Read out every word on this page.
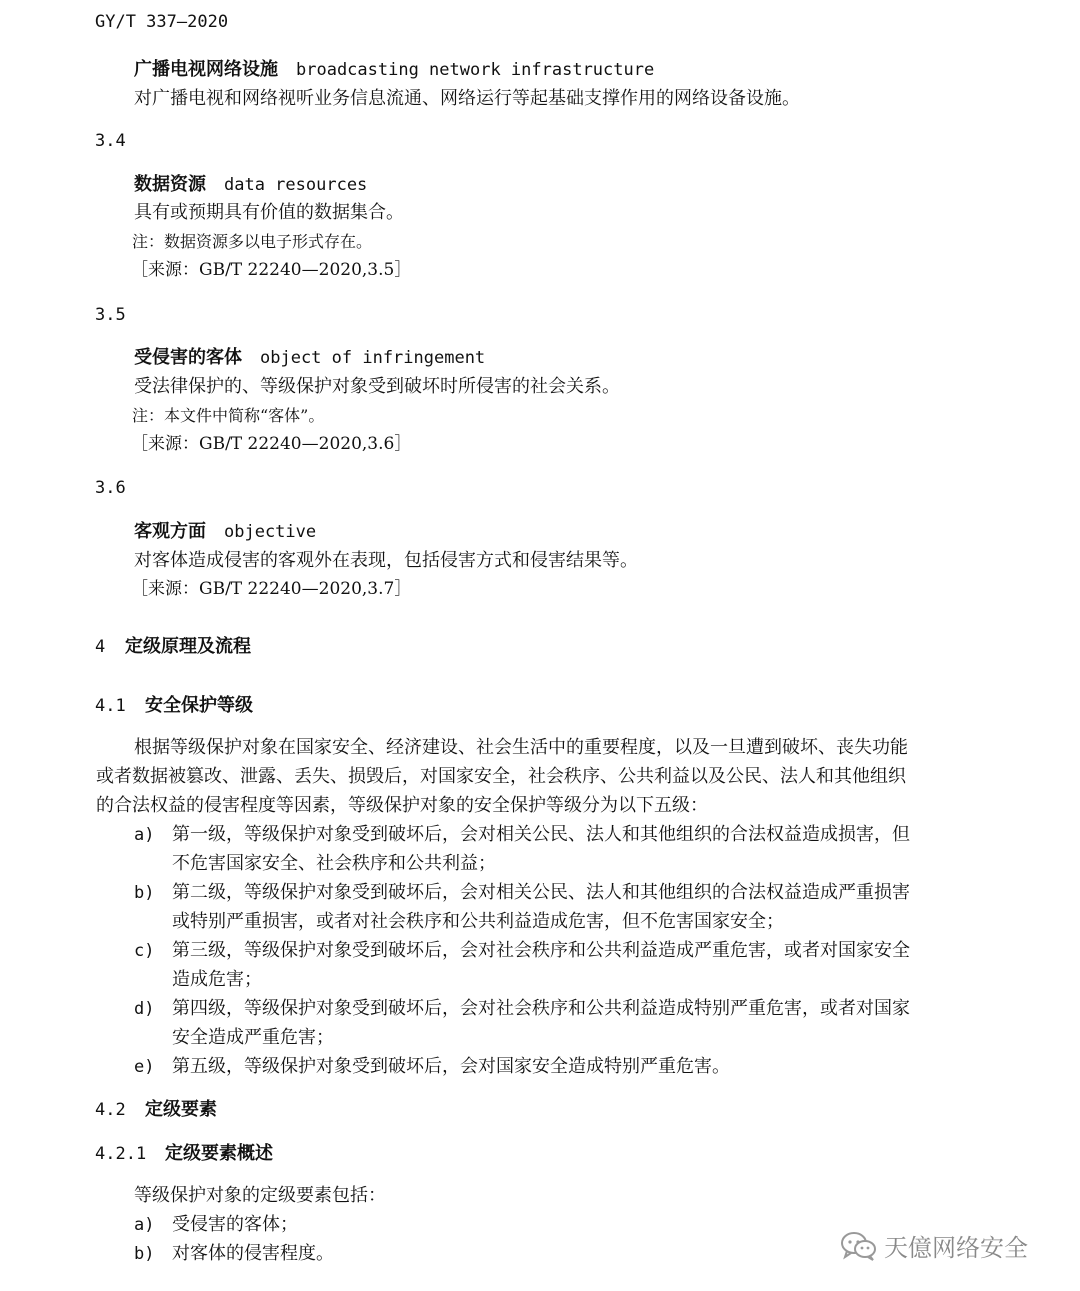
GY/T 337—2020
广播电视网络设施 broadcasting network infrastructure
对广播电视和网络视听业务信息流通、网络运行等起基础支撑作用的网络设备设施。
3.4
数据资源 data resources
具有或预期具有价值的数据集合。
注：数据资源多以电子形式存在。
［来源：GB/T 22240—2020,3.5］
3.5
受侵害的客体 object of infringement
受法律保护的、等级保护对象受到破坏时所侵害的社会关系。
注：本文件中简称“客体”。
［来源：GB/T 22240—2020,3.6］
3.6
客观方面 objective
对客体造成侵害的客观外在表现，包括侵害方式和侵害结果等。
［来源：GB/T 22240—2020,3.7］
4 定级原理及流程
4.1 安全保护等级
根据等级保护对象在国家安全、经济建设、社会生活中的重要程度，以及一旦遭到破坏、丧失功能
或者数据被篡改、泄露、丢失、损毁后，对国家安全，社会秩序、公共利益以及公民、法人和其他组织
的合法权益的侵害程度等因素，等级保护对象的安全保护等级分为以下五级：
a) 第一级，等级保护对象受到破坏后，会对相关公民、法人和其他组织的合法权益造成损害，但
不危害国家安全、社会秩序和公共利益；
b) 第二级，等级保护对象受到破坏后，会对相关公民、法人和其他组织的合法权益造成严重损害
或特别严重损害，或者对社会秩序和公共利益造成危害，但不危害国家安全；
c) 第三级，等级保护对象受到破坏后，会对社会秩序和公共利益造成严重危害，或者对国家安全
造成危害；
d) 第四级，等级保护对象受到破坏后，会对社会秩序和公共利益造成特别严重危害，或者对国家
安全造成严重危害；
e) 第五级，等级保护对象受到破坏后，会对国家安全造成特别严重危害。
4.2 定级要素
4.2.1 定级要素概述
等级保护对象的定级要素包括：
a) 受侵害的客体；
b) 对客体的侵害程度。	天億网络安全
